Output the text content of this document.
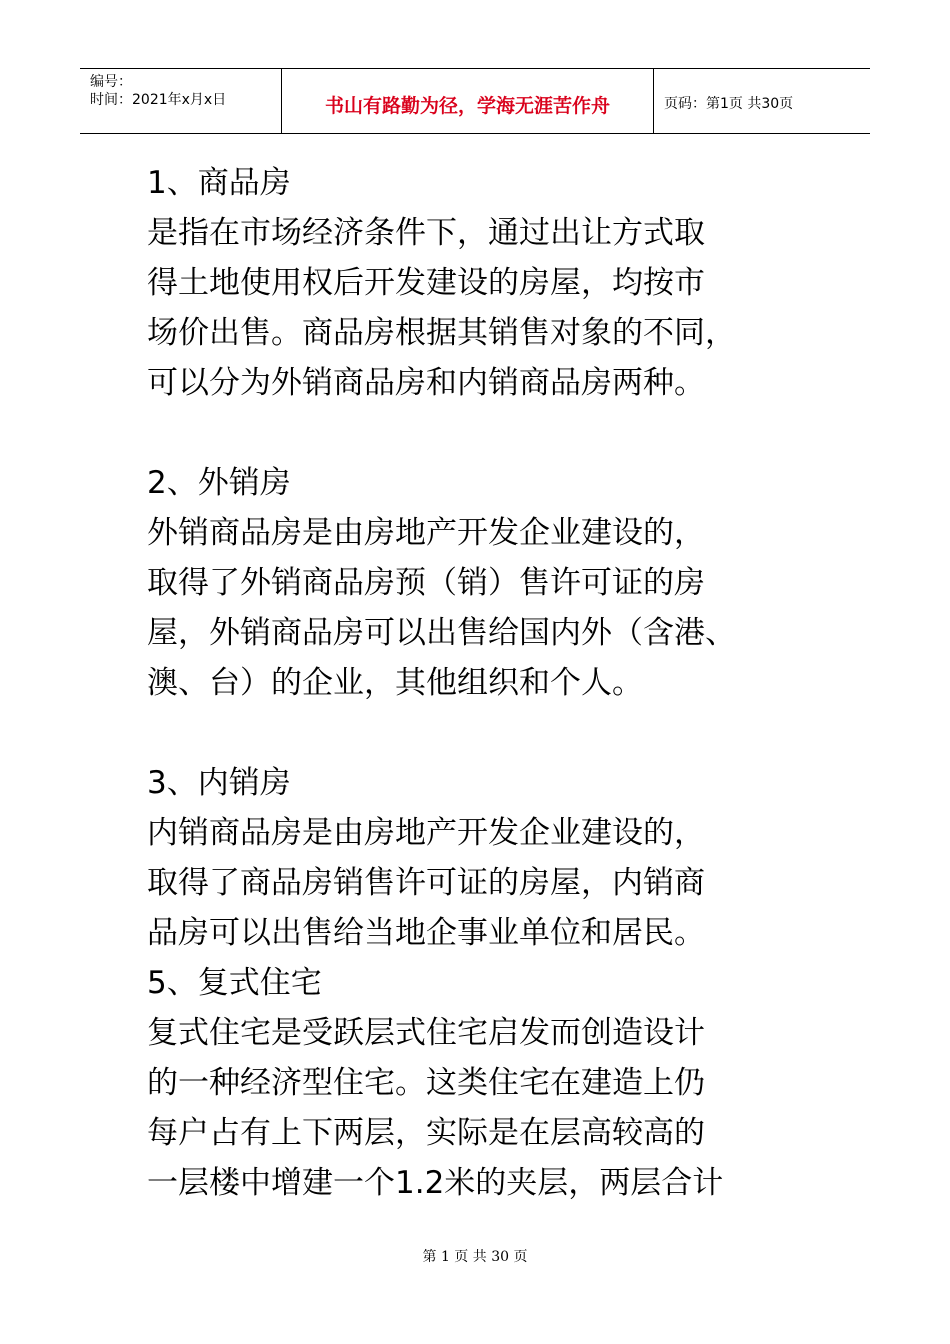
编号：
时间：2021年x月x日	书山有路勤为径，学海无涯苦作舟	页码：第1页 共30页

1、商品房

是指在市场经济条件下，通过出让方式取

得土地使用权后开发建设的房屋，均按市

场价出售。商品房根据其销售对象的不同，

可以分为外销商品房和内销商品房两种。

2、外销房

外销商品房是由房地产开发企业建设的，

取得了外销商品房预（销）售许可证的房

屋，外销商品房可以出售给国内外（含港、

澳、台）的企业，其他组织和个人。

3、内销房

内销商品房是由房地产开发企业建设的，

取得了商品房销售许可证的房屋，内销商

品房可以出售给当地企事业单位和居民。

5、复式住宅

复式住宅是受跃层式住宅启发而创造设计

的一种经济型住宅。这类住宅在建造上仍

每户占有上下两层，实际是在层高较高的

一层楼中增建一个1.2米的夹层，两层合计

第 1 页 共 30 页
